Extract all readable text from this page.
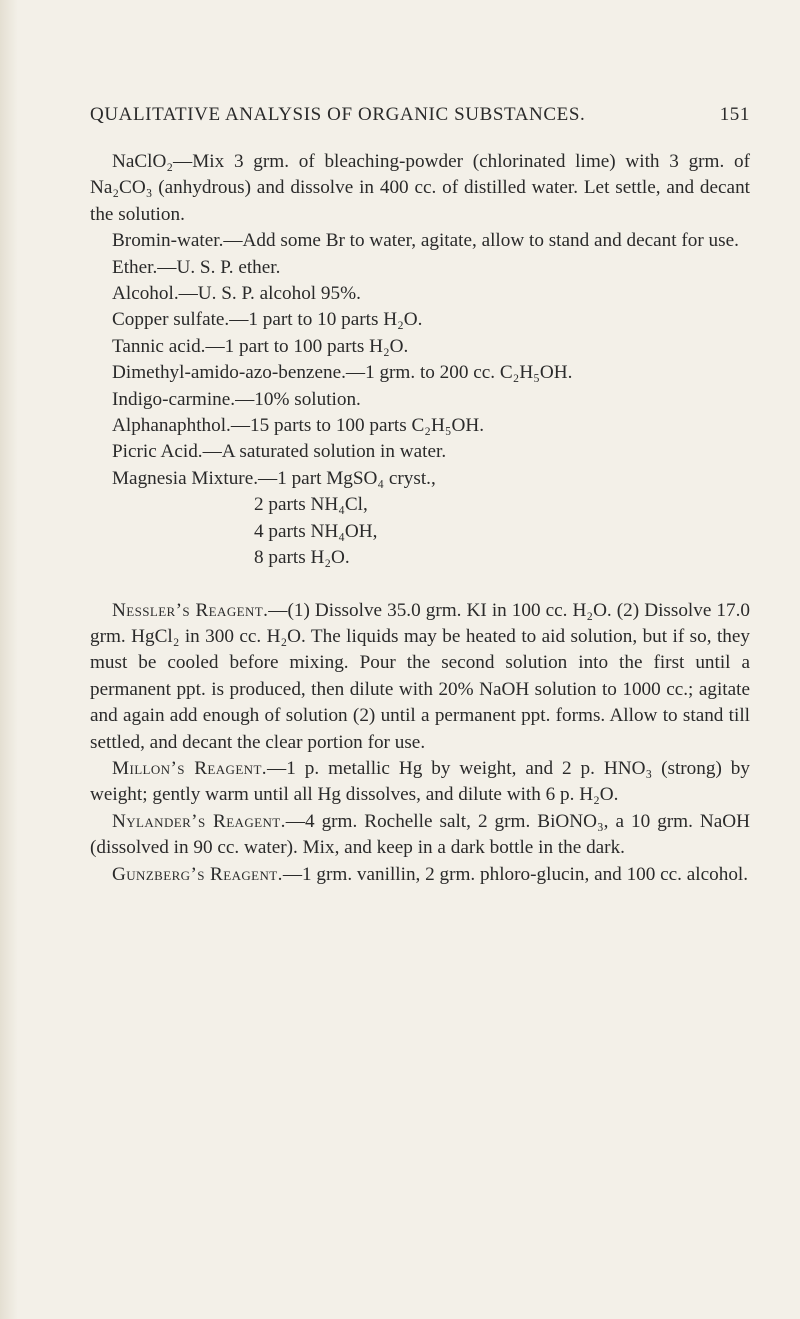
QUALITATIVE ANALYSIS OF ORGANIC SUBSTANCES.	151

NaClO₂—Mix 3 grm. of bleaching-powder (chlorinated lime) with 3 grm. of Na₂CO₃ (anhydrous) and dissolve in 400 cc. of distilled water. Let settle, and decant the solution.

Bromin-water.—Add some Br to water, agitate, allow to stand and decant for use.

Ether.—U. S. P. ether.

Alcohol.—U. S. P. alcohol 95%.

Copper sulfate.—1 part to 10 parts H₂O.

Tannic acid.—1 part to 100 parts H₂O.

Dimethyl-amido-azo-benzene.—1 grm. to 200 cc. C₂H₅OH.

Indigo-carmine.—10% solution.

Alphanaphthol.—15 parts to 100 parts C₂H₅OH.

Picric Acid.—A saturated solution in water.

Magnesia Mixture.—1 part MgSO₄ cryst.,

2 parts NH₄Cl,
4 parts NH₄OH,
8 parts H₂O.

Nessler’s Reagent.—(1) Dissolve 35.0 grm. KI in 100 cc. H₂O. (2) Dissolve 17.0 grm. HgCl₂ in 300 cc. H₂O. The liquids may be heated to aid solution, but if so, they must be cooled before mixing. Pour the second solution into the first until a permanent ppt. is produced, then dilute with 20% NaOH solution to 1000 cc.; agitate and again add enough of solution (2) until a permanent ppt. forms. Allow to stand till settled, and decant the clear portion for use.

Millon’s Reagent.—1 p. metallic Hg by weight, and 2 p. HNO₃ (strong) by weight; gently warm until all Hg dissolves, and dilute with 6 p. H₂O.

Nylander’s Reagent.—4 grm. Rochelle salt, 2 grm. BiONO₃, a 10 grm. NaOH (dissolved in 90 cc. water). Mix, and keep in a dark bottle in the dark.

Gunzberg’s Reagent.—1 grm. vanillin, 2 grm. phloro-glucin, and 100 cc. alcohol.
